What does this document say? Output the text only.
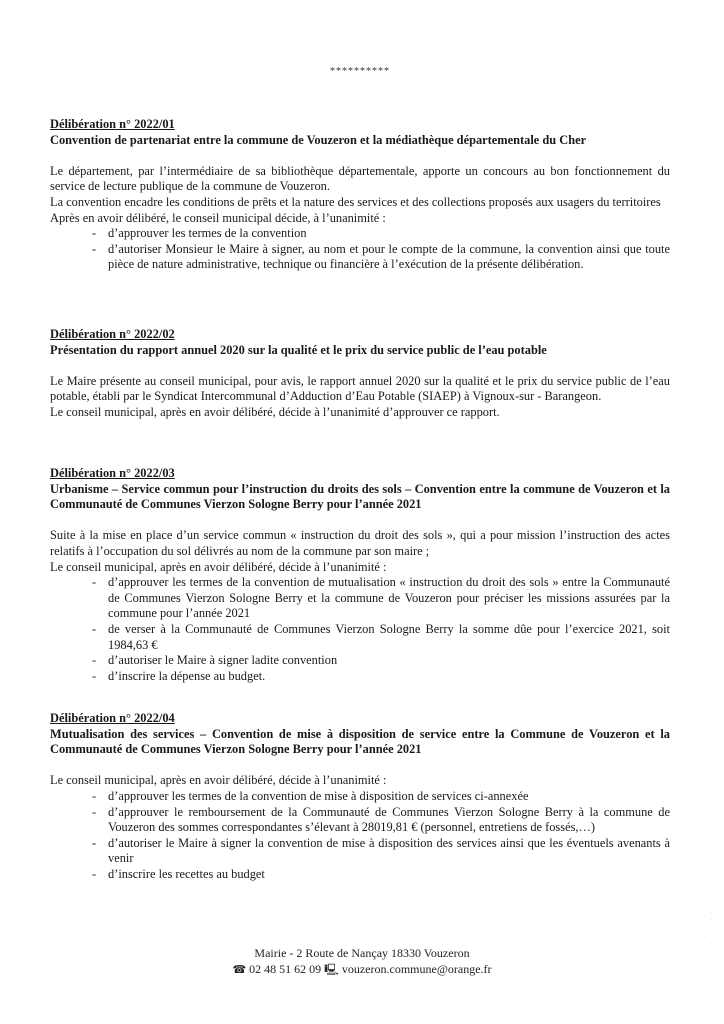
**********
Délibération n° 2022/01
Convention de partenariat entre la commune de Vouzeron et la médiathèque départementale du Cher
Le département, par l’intermédiaire de sa bibliothèque départementale, apporte un concours au bon fonctionnement du service de lecture publique de la commune de Vouzeron.
La convention encadre les conditions de prêts et la nature des services et des collections proposés aux usagers du territoires
Après en avoir délibéré, le conseil municipal décide, à l’unanimité :
- d’approuver les termes de la convention
- d’autoriser Monsieur le Maire à signer, au nom et pour le compte de la commune, la convention ainsi que toute pièce de nature administrative, technique ou financière à l’exécution de la présente délibération.
Délibération n° 2022/02
Présentation du rapport annuel 2020 sur la qualité et le prix du service public de l’eau potable
Le Maire présente au conseil municipal, pour avis, le rapport annuel 2020 sur la qualité et le prix du service public de l’eau potable, établi par le Syndicat Intercommunal d’Adduction d’Eau Potable (SIAEP) à Vignoux-sur - Barangeon.
Le conseil municipal, après en avoir délibéré, décide à l’unanimité d’approuver ce rapport.
Délibération n° 2022/03
Urbanisme – Service commun pour l’instruction du droits des sols – Convention entre la commune de Vouzeron et la Communauté de Communes Vierzon Sologne Berry pour l’année 2021
Suite à la mise en place d’un service commun « instruction du droit des sols », qui a pour mission l’instruction des actes relatifs à l’occupation du sol délivrés au nom de la commune par son maire ;
Le conseil municipal, après en avoir délibéré, décide à l’unanimité :
- d’approuver les termes de la convention de mutualisation « instruction du droit des sols » entre la Communauté de Communes Vierzon Sologne Berry et la commune de Vouzeron pour préciser les missions assurées par la commune pour l’année 2021
- de verser à la Communauté de Communes Vierzon Sologne Berry la somme dûe pour l’exercice 2021, soit 1984,63 €
- d’autoriser le Maire à signer ladite convention
- d’inscrire la dépense au budget.
Délibération n° 2022/04
Mutualisation des services – Convention de mise à disposition de service entre la Commune de Vouzeron et la Communauté de Communes Vierzon Sologne Berry pour l’année 2021
Le conseil municipal, après en avoir délibéré, décide à l’unanimité :
- d’approuver les termes de la convention de mise à disposition de services ci-annexée
- d’approuver le remboursement de la Communauté de Communes Vierzon Sologne Berry à la commune de Vouzeron des sommes correspondantes s’élevant à 28019,81 € (personnel, entretiens de fossés,…)
- d’autoriser le Maire à signer la convention de mise à disposition des services ainsi que les éventuels avenants à venir
- d’inscrire les recettes au budget
Mairie - 2 Route de Nançay 18330 Vouzeron
☎ 02 48 51 62 09 🖳 vouzeron.commune@orange.fr
·
·
·
·

·

·
